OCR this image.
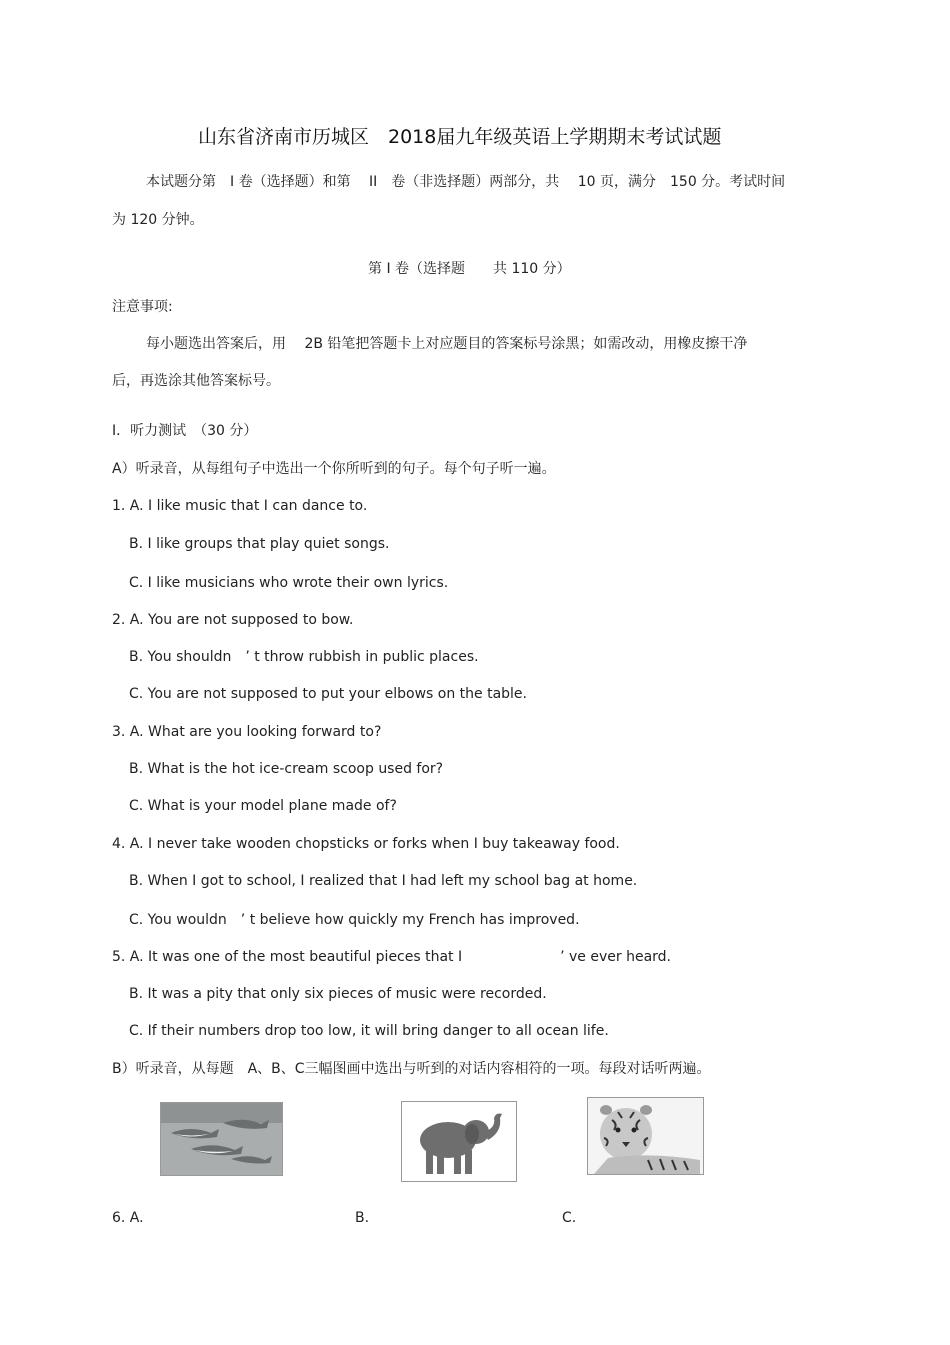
山东省济南市历城区　2018届九年级英语上学期期末考试试题
本试题分第　I 卷（选择题）和第　 II　卷（非选择题）两部分，共　 10 页，满分　150 分。考试时间
为 120 分钟。
第 I 卷（选择题　　共 110 分）
注意事项:
每小题选出答案后，用　 2B 铅笔把答题卡上对应题目的答案标号涂黑；如需改动，用橡皮擦干净
后，再选涂其他答案标号。
I．听力测试　（30 分）
A）听录音，从每组句子中选出一个你所听到的句子。每个句子听一遍。
1. A. I like music that I can dance to.
B. I like groups that play quiet songs.
C. I like musicians who wrote their own lyrics.
2. A. You are not supposed to bow.
B. You shouldn　’ t throw rubbish in public places.
C. You are not supposed to put your elbows on the table.
3. A. What are you looking forward to?
B. What is the hot ice-cream scoop used for?
C. What is your model plane made of?
4. A. I never take wooden chopsticks or forks when I buy takeaway food.
B. When I got to school, I realized that I had left my school bag at home.
C. You wouldn　’ t believe how quickly my French has improved.
5. A. It was one of the most beautiful pieces that I　　　　　　　’ ve ever heard.
B. It was a pity that only six pieces of music were recorded.
C. If their numbers drop too low, it will bring danger to all ocean life.
B）听录音，从每题　A、B、C三幅图画中选出与听到的对话内容相符的一项。每段对话听两遍。
6. A.	B.	C.
